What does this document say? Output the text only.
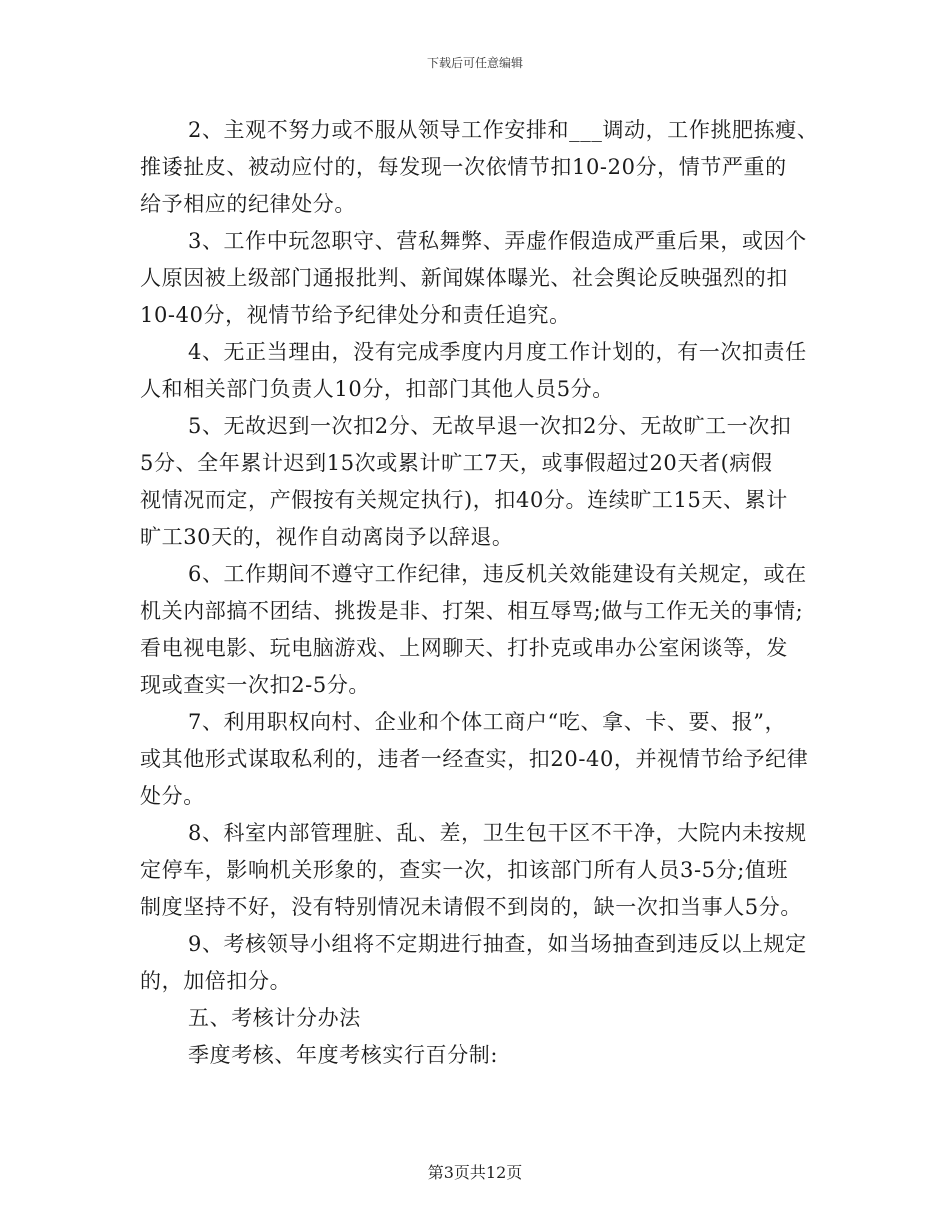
下载后可任意编辑

2、主观不努力或不服从领导工作安排和___调动，工作挑肥拣瘦、
推诿扯皮、被动应付的，每发现一次依情节扣10-20分，情节严重的
给予相应的纪律处分。

3、工作中玩忽职守、营私舞弊、弄虚作假造成严重后果，或因个
人原因被上级部门通报批判、新闻媒体曝光、社会舆论反映强烈的扣
10-40分，视情节给予纪律处分和责任追究。

4、无正当理由，没有完成季度内月度工作计划的，有一次扣责任
人和相关部门负责人10分，扣部门其他人员5分。

5、无故迟到一次扣2分、无故早退一次扣2分、无故旷工一次扣
5分、全年累计迟到15次或累计旷工7天，或事假超过20天者(病假
视情况而定，产假按有关规定执行)，扣40分。连续旷工15天、累计
旷工30天的，视作自动离岗予以辞退。

6、工作期间不遵守工作纪律，违反机关效能建设有关规定，或在
机关内部搞不团结、挑拨是非、打架、相互辱骂;做与工作无关的事情;
看电视电影、玩电脑游戏、上网聊天、打扑克或串办公室闲谈等，发
现或查实一次扣2-5分。

7、利用职权向村、企业和个体工商户“吃、拿、卡、要、报”，
或其他形式谋取私利的，违者一经查实，扣20-40，并视情节给予纪律
处分。

8、科室内部管理脏、乱、差，卫生包干区不干净，大院内未按规
定停车，影响机关形象的，查实一次，扣该部门所有人员3-5分;值班
制度坚持不好，没有特别情况未请假不到岗的，缺一次扣当事人5分。

9、考核领导小组将不定期进行抽查，如当场抽查到违反以上规定
的，加倍扣分。

五、考核计分办法

季度考核、年度考核实行百分制:

第3页共12页
